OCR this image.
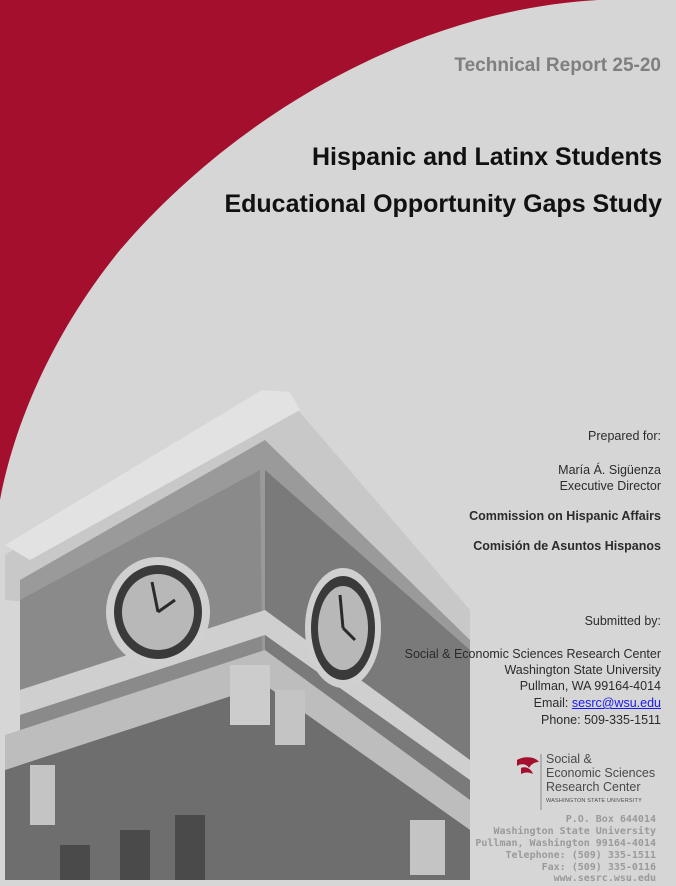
Technical Report 25-20
Hispanic and Latinx Students
Educational Opportunity Gaps Study
Prepared for:
María Á. Sigüenza
Executive Director
Commission on Hispanic Affairs
Comisión de Asuntos Hispanos
Submitted by:
Social & Economic Sciences Research Center
Washington State University
Pullman, WA 99164-4014
Email: sesrc@wsu.edu
Phone: 509-335-1511
Social &
Economic Sciences
Research Center
WASHINGTON STATE UNIVERSITY
P.O. Box 644014
Washington State University
Pullman, Washington 99164-4014
Telephone: (509) 335-1511
Fax: (509) 335-0116
www.sesrc.wsu.edu
